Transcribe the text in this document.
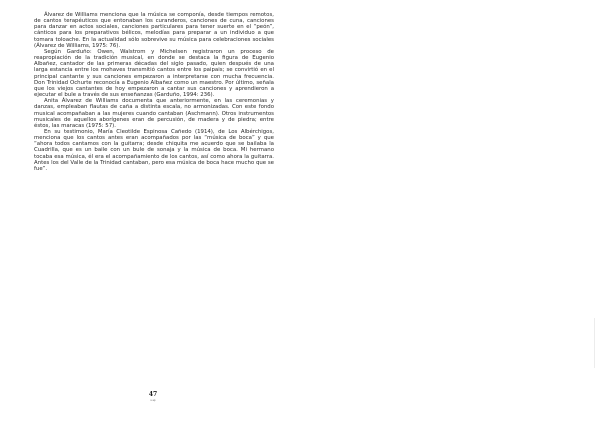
Álvarez de Williams menciona que la música se componía, desde tiempos remotos, de cantos terapéuticos que entonaban los curanderos, canciones de cuna, canciones para danzar en actos sociales, canciones particulares para tener suerte en el “peón”, cánticos para los preparativos bélicos, melodías para preparar a un individuo a que tomara toloache. En la actualidad sólo sobrevive su música para celebraciones sociales (Álvarez de Williams, 1975: 76).

Según Garduño: Owen, Walstrom y Michelsen registraron un proceso de reapropiación de la tradición musical, en donde se destaca la figura de Eugenio Albañez, cantador de las primeras décadas del siglo pasado, quien después de una larga estancia entre los mohaves transmitió cantos entre los paipais; se convirtió en el principal cantante y sus canciones empezaron a interpretarse con mucha frecuencia. Don Trinidad Ochurte reconocía a Eugenio Albañez como un maestro. Por último, señala que los viejos cantantes de hoy empezaron a cantar sus canciones y aprendieron a ejecutar el bule a través de sus enseñanzas (Garduño, 1994: 236).

Anita Álvarez de Williams documenta que anteriormente, en las ceremonias y danzas, empleaban flautas de caña a distinta escala, no armonizadas. Con este fondo musical acompañaban a las mujeres cuando cantaban (Aschmann). Otros instrumentos musicales de aquellos aborígenes eran de percusión, de madera y de piedra; entre éstos, las maracas (1975: 57).

En su testimonio, María Cleotilde Espinosa Cañedo (1914), de Los Albérchigos, menciona que los cantos antes eran acompañados por las “música de boca” y que “ahora todos cantamos con la guitarra; desde chiquita me acuerdo que se bailaba la Cuadrilla, que es un baile con un bule de sonaja y la música de boca. Mi hermano tocaba esa música, él era el acompañamiento de los cantos, así como ahora la guitarra. Antes los del Valle de la Trinidad cantaban, pero esa música de boca hace mucho que se fue”.

47
s.sp
